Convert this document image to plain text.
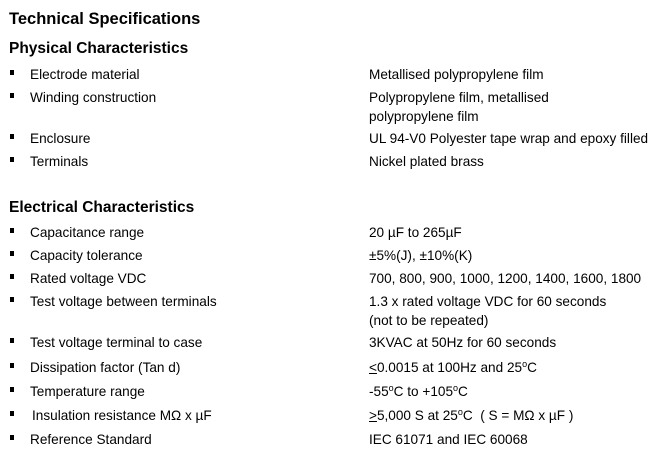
Technical Specifications
Physical Characteristics
Electrode material	Metallised polypropylene film
Winding construction	Polypropylene film, metallised
polypropylene film
Enclosure	UL 94-V0 Polyester tape wrap and epoxy filled
Terminals	Nickel plated brass
Electrical Characteristics
Capacitance range	20 µF to 265µF
Capacity tolerance	±5%(J), ±10%(K)
Rated voltage VDC	700, 800, 900, 1000, 1200, 1400, 1600, 1800
Test voltage between terminals	1.3 x rated voltage VDC for 60 seconds
(not to be repeated)
Test voltage terminal to case	3KVAC at 50Hz for 60 seconds
Dissipation factor (Tan d)	≤0.0015 at 100Hz and 25$^o$C
Temperature range	-55$^o$C to $+105^oC$
Insulation resistance MΩ x µF	≥5,000 S at 25$^o$C  ( S = MΩ x µF )
Reference Standard	IEC 61071 and IEC 60068
